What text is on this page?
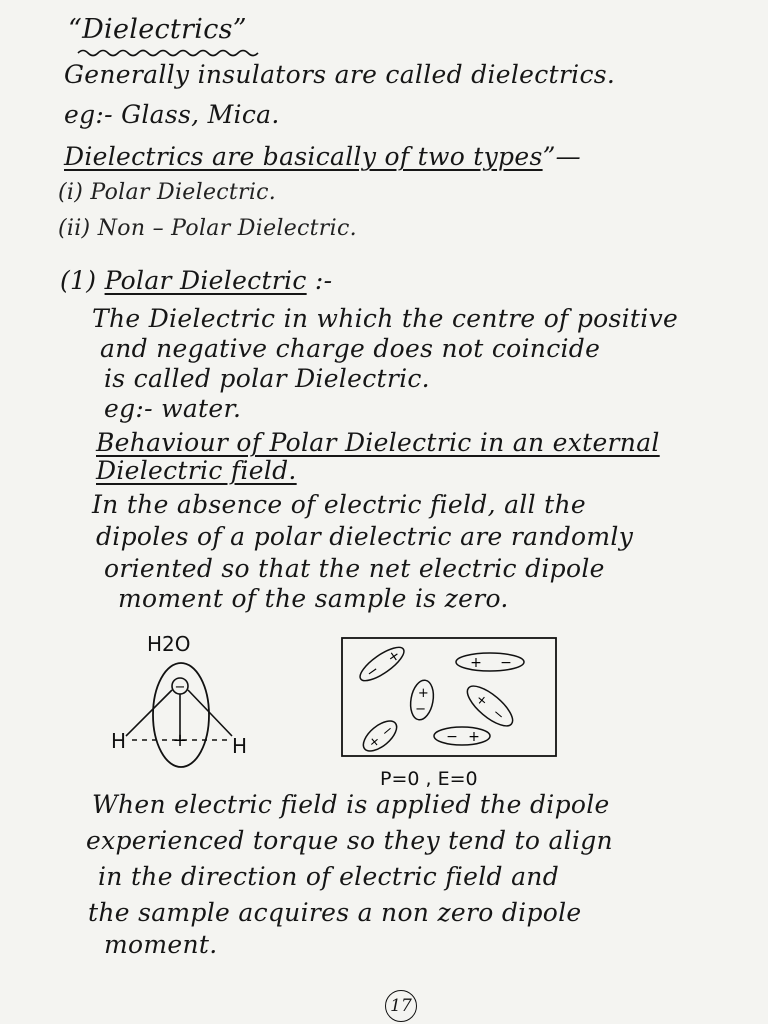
“Dielectrics”
Generally insulators are called dielectrics.
eg:- Glass, Mica.
Dielectrics are basically of two types”—
(i) Polar Dielectric.
(ii) Non – Polar Dielectric.
(1) Polar Dielectric :-
The Dielectric in which the centre of positive
and negative charge does not coincide
is called polar Dielectric.
eg:- water.
Behaviour of Polar Dielectric in an external
Dielectric field.
In the absence of electric field, all the
dipoles of a polar dielectric are randomly
oriented so that the net electric dipole
moment of the sample is zero.
H2O
−
+
H	H
−
+	+ −
−
+	+
−
+
−	− +
P=0 , E=0
When electric field is applied the dipole
experienced torque so they tend to align
in the direction of electric field and
the sample acquires a non zero dipole
moment.
17
